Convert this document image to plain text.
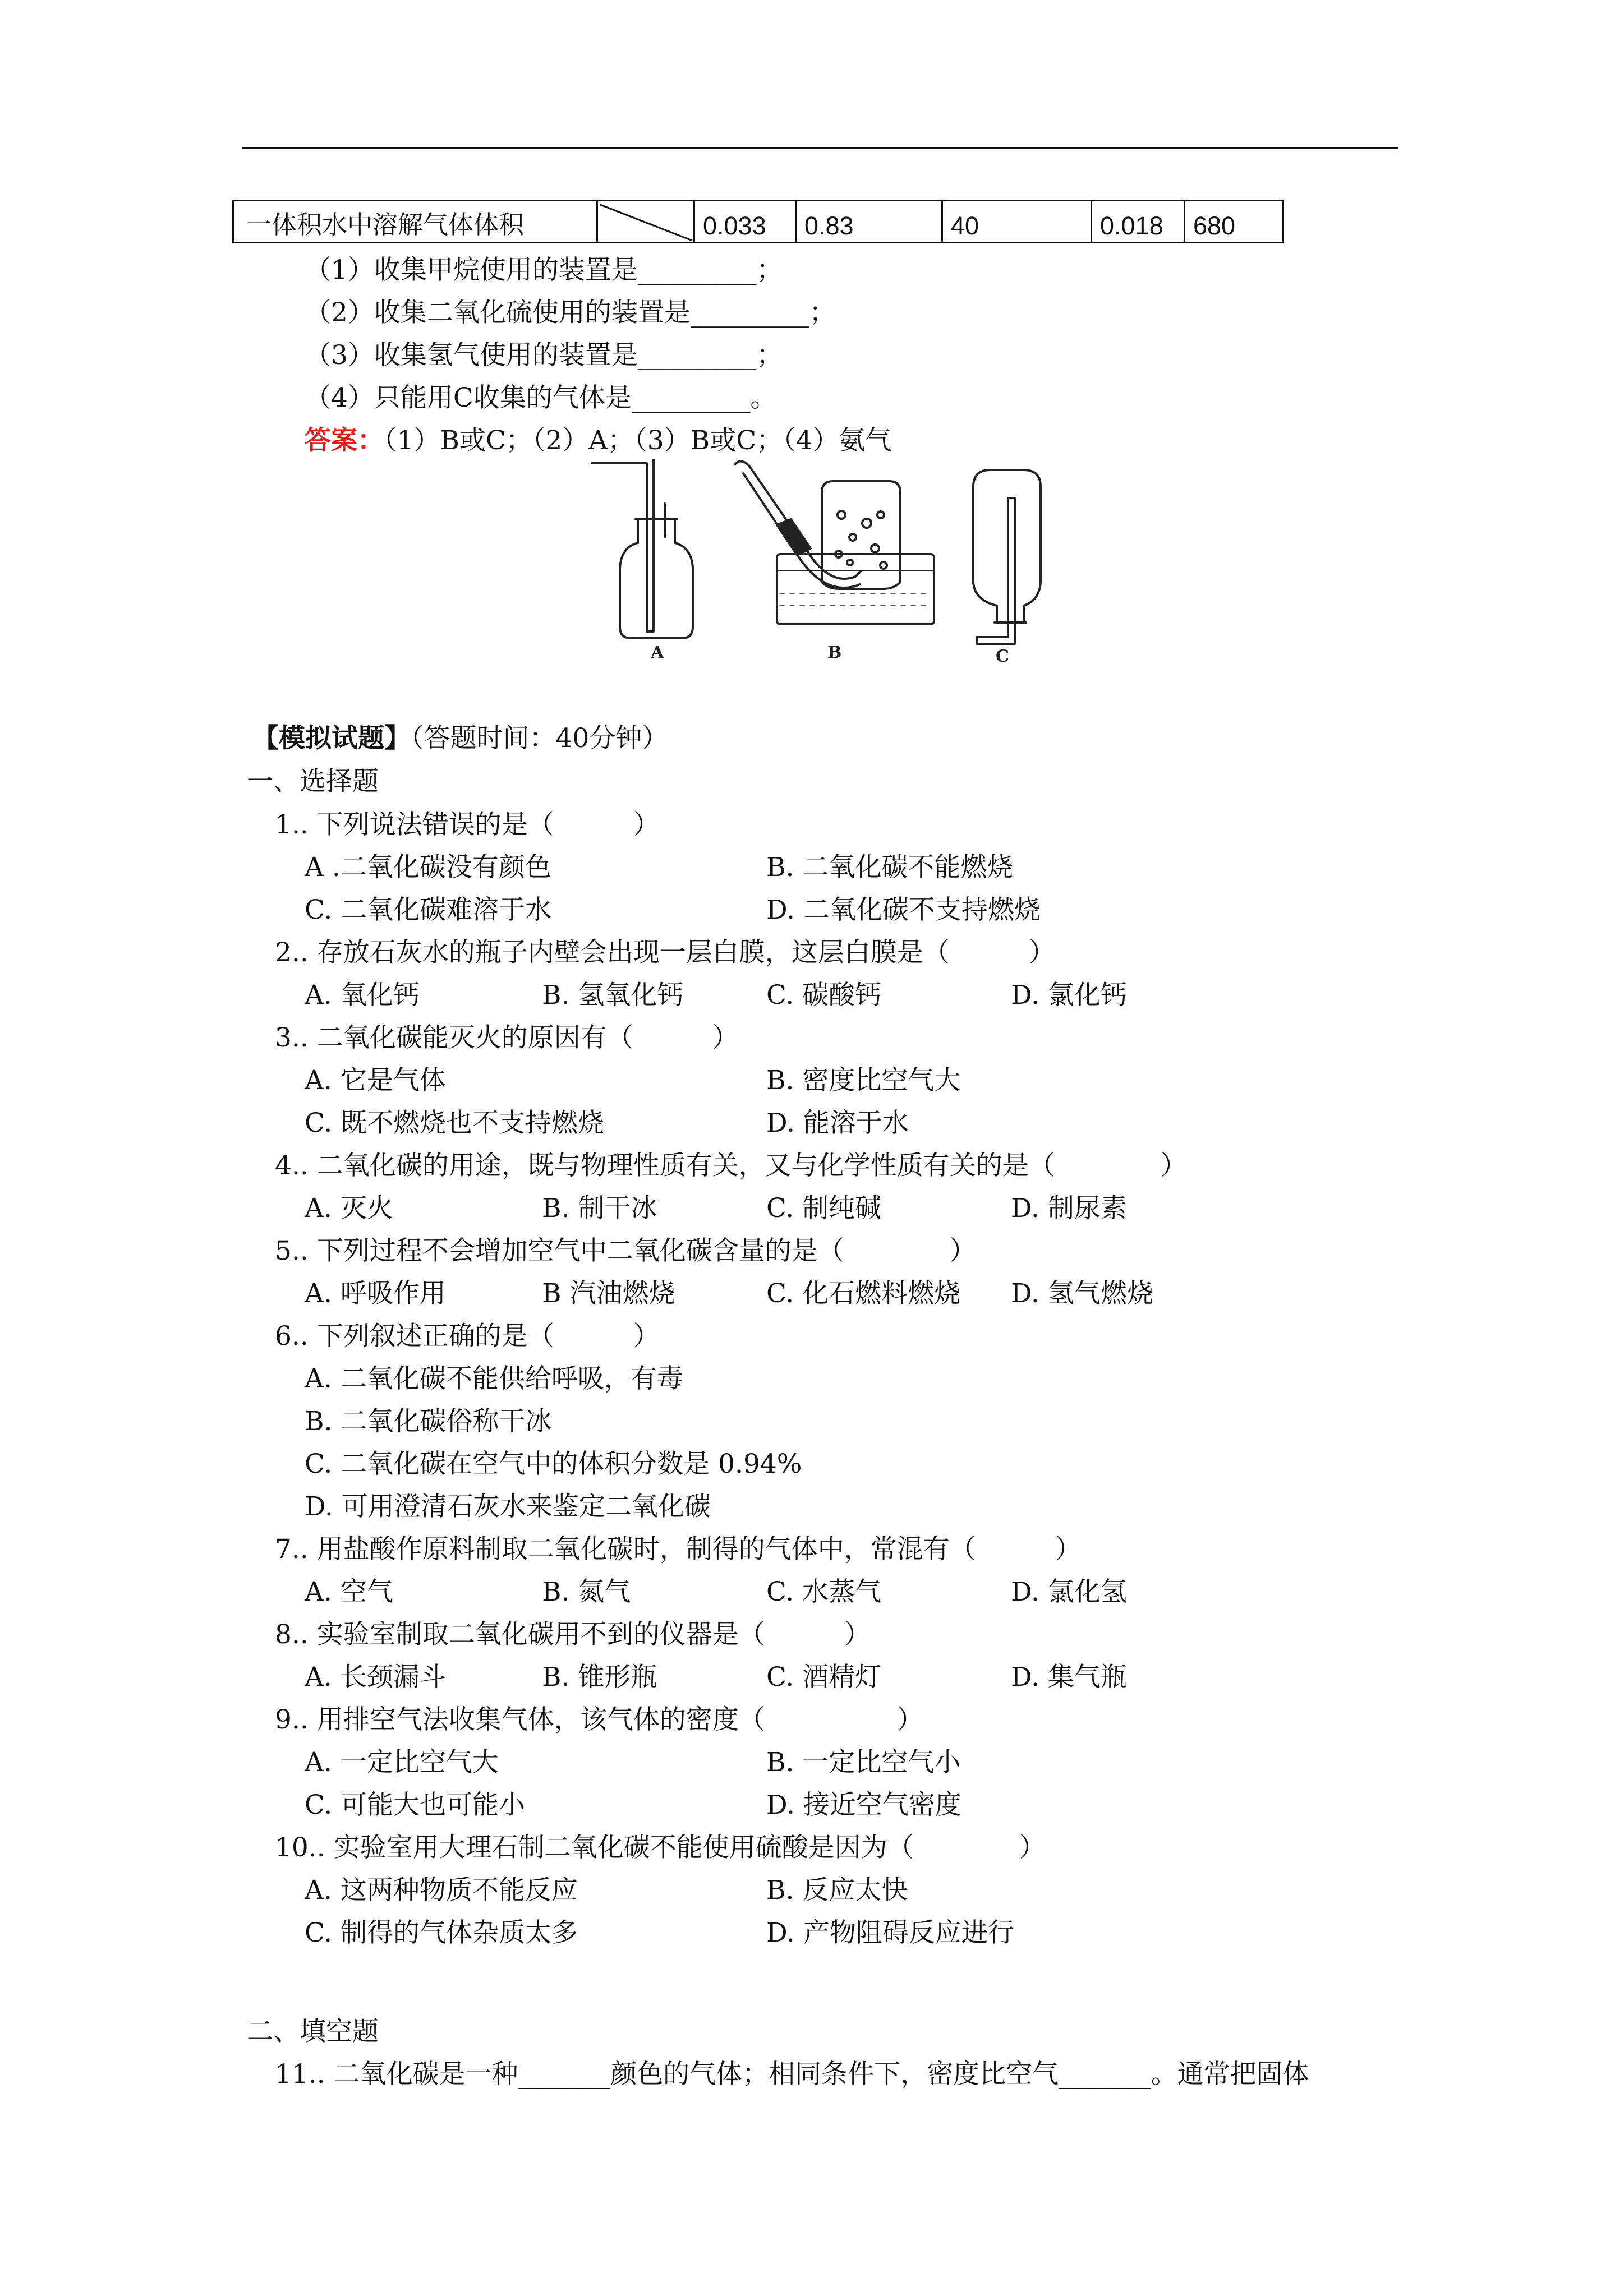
一体积水中溶解气体体积		0.033	0.83	40	0.018	680
（1）收集甲烷使用的装置是_________；
（2）收集二氧化硫使用的装置是_________；
（3）收集氢气使用的装置是_________；
（4）只能用C收集的气体是_________。
答案：（1）B或C；（2）A；（3）B或C；（4）氨气
A	B	C
【模拟试题】（答题时间：40分钟）
一、选择题
1.. 下列说法错误的是（　　　）
A .二氧化碳没有颜色	B. 二氧化碳不能燃烧
C. 二氧化碳难溶于水	D. 二氧化碳不支持燃烧
2.. 存放石灰水的瓶子内壁会出现一层白膜，这层白膜是（　　　）
A. 氧化钙	B. 氢氧化钙	C. 碳酸钙	D. 氯化钙
3.. 二氧化碳能灭火的原因有（　　　）
A. 它是气体	B. 密度比空气大
C. 既不燃烧也不支持燃烧	D. 能溶于水
4.. 二氧化碳的用途，既与物理性质有关，又与化学性质有关的是（　　　　）
A. 灭火	B. 制干冰	C. 制纯碱	D. 制尿素
5.. 下列过程不会增加空气中二氧化碳含量的是（　　　　）
A. 呼吸作用	B 汽油燃烧	C. 化石燃料燃烧 D. 氢气燃烧
6.. 下列叙述正确的是（　　　）
A. 二氧化碳不能供给呼吸，有毒
B. 二氧化碳俗称干冰
C. 二氧化碳在空气中的体积分数是 0.94%
D. 可用澄清石灰水来鉴定二氧化碳
7.. 用盐酸作原料制取二氧化碳时，制得的气体中，常混有（　　　）
A. 空气	B. 氮气	C. 水蒸气	D. 氯化氢
8.. 实验室制取二氧化碳用不到的仪器是（　　　）
A. 长颈漏斗	B. 锥形瓶	C. 酒精灯	D. 集气瓶
9.. 用排空气法收集气体，该气体的密度（　　　　　）
A. 一定比空气大	B. 一定比空气小
C. 可能大也可能小	D. 接近空气密度
10.. 实验室用大理石制二氧化碳不能使用硫酸是因为（　　　　）
A. 这两种物质不能反应	B. 反应太快
C. 制得的气体杂质太多	D. 产物阻碍反应进行
二、填空题
11.. 二氧化碳是一种_______颜色的气体；相同条件下，密度比空气_______。通常把固体
